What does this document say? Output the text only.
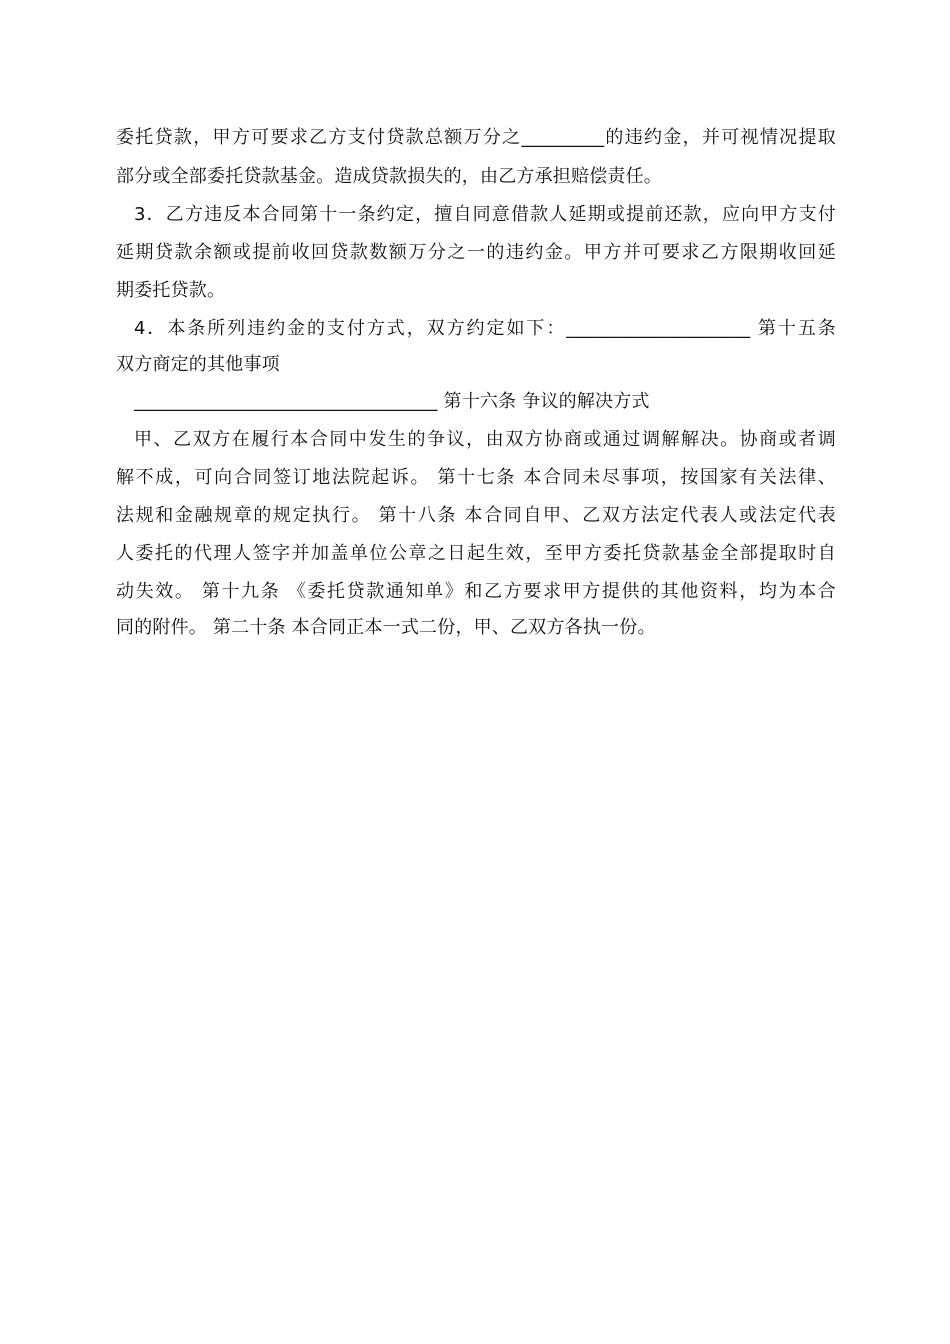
委托贷款，甲方可要求乙方支付贷款总额万分之_________的违约金，并可视情况提取
部分或全部委托贷款基金。造成贷款损失的，由乙方承担赔偿责任。
3．乙方违反本合同第十一条约定，擅自同意借款人延期或提前还款，应向甲方支付
延期贷款余额或提前收回贷款数额万分之一的违约金。甲方并可要求乙方限期收回延
期委托贷款。
4．本条所列违约金的支付方式，双方约定如下：____________________ 第十五条
双方商定的其他事项
_________________________________ 第十六条 争议的解决方式
甲、乙双方在履行本合同中发生的争议，由双方协商或通过调解解决。协商或者调
解不成，可向合同签订地法院起诉。 第十七条 本合同未尽事项，按国家有关法律、
法规和金融规章的规定执行。 第十八条 本合同自甲、乙双方法定代表人或法定代表
人委托的代理人签字并加盖单位公章之日起生效，至甲方委托贷款基金全部提取时自
动失效。 第十九条 《委托贷款通知单》和乙方要求甲方提供的其他资料，均为本合
同的附件。 第二十条 本合同正本一式二份，甲、乙双方各执一份。
